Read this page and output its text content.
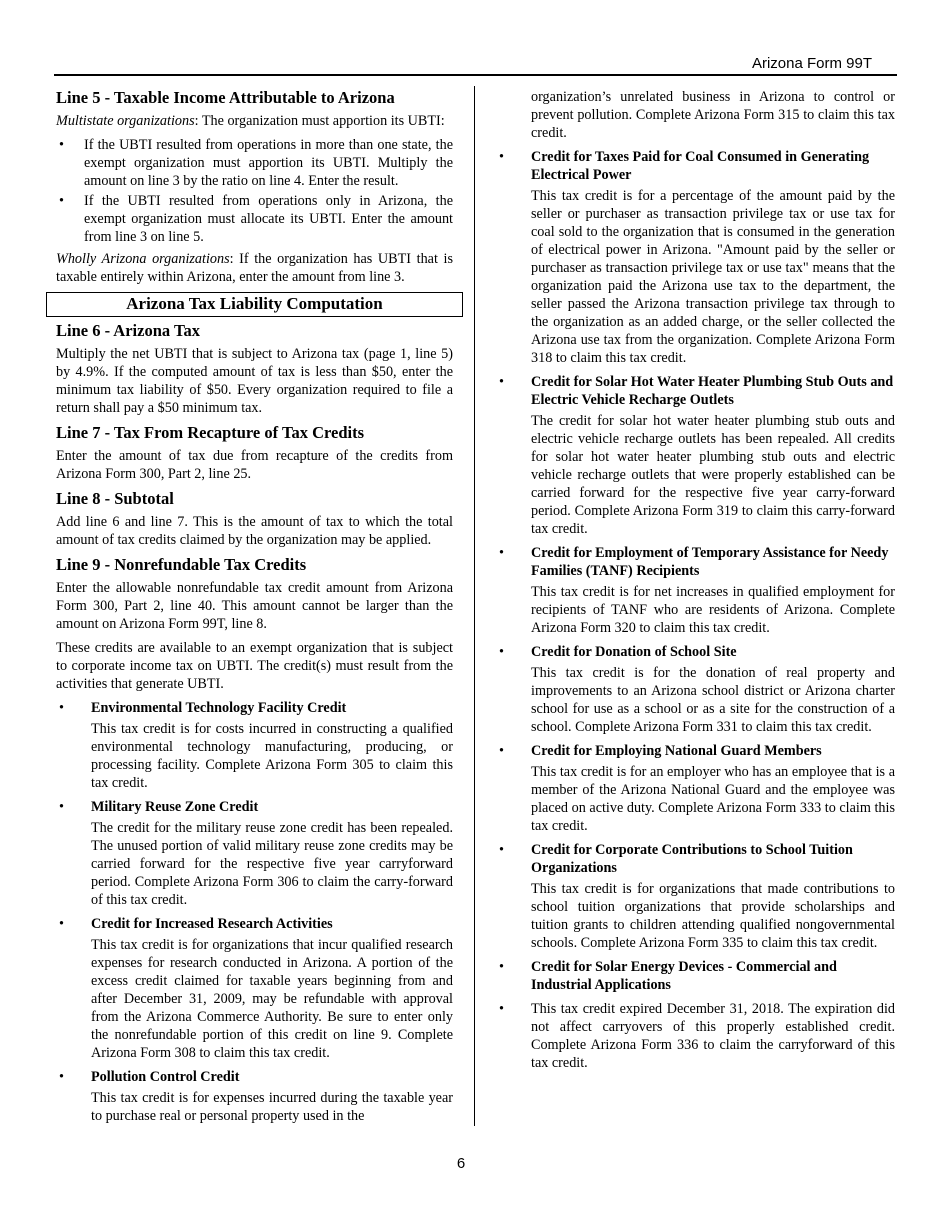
Arizona Form 99T
Line 5 - Taxable Income Attributable to Arizona

Multistate organizations: The organization must apportion its UBTI:

• If the UBTI resulted from operations in more than one state, the exempt organization must apportion its UBTI. Multiply the amount on line 3 by the ratio on line 4. Enter the result.
• If the UBTI resulted from operations only in Arizona, the exempt organization must allocate its UBTI. Enter the amount from line 3 on line 5.

Wholly Arizona organizations: If the organization has UBTI that is taxable entirely within Arizona, enter the amount from line 3.

Arizona Tax Liability Computation
Line 6 - Arizona Tax

Multiply the net UBTI that is subject to Arizona tax (page 1, line 5) by 4.9%. If the computed amount of tax is less than $50, enter the minimum tax liability of $50. Every organization required to file a return shall pay a $50 minimum tax.

Line 7 - Tax From Recapture of Tax Credits

Enter the amount of tax due from recapture of the credits from Arizona Form 300, Part 2, line 25.

Line 8 - Subtotal

Add line 6 and line 7. This is the amount of tax to which the total amount of tax credits claimed by the organization may be applied.

Line 9 - Nonrefundable Tax Credits

Enter the allowable nonrefundable tax credit amount from Arizona Form 300, Part 2, line 40. This amount cannot be larger than the amount on Arizona Form 99T, line 8.

These credits are available to an exempt organization that is subject to corporate income tax on UBTI. The credit(s) must result from the activities that generate UBTI.

• Environmental Technology Facility Credit

This tax credit is for costs incurred in constructing a qualified environmental technology manufacturing, producing, or processing facility. Complete Arizona Form 305 to claim this tax credit.

• Military Reuse Zone Credit

The credit for the military reuse zone credit has been repealed. The unused portion of valid military reuse zone credits may be carried forward for the respective five year carryforward period. Complete Arizona Form 306 to claim the carry-forward of this tax credit.

• Credit for Increased Research Activities

This tax credit is for organizations that incur qualified research expenses for research conducted in Arizona. A portion of the excess credit claimed for taxable years beginning from and after December 31, 2009, may be refundable with approval from the Arizona Commerce Authority. Be sure to enter only the nonrefundable portion of this credit on line 9. Complete Arizona Form 308 to claim this tax credit.

• Pollution Control Credit

This tax credit is for expenses incurred during the taxable year to purchase real or personal property used in the

organization’s unrelated business in Arizona to control or prevent pollution. Complete Arizona Form 315 to claim this tax credit.

• Credit for Taxes Paid for Coal Consumed in Generating Electrical Power

This tax credit is for a percentage of the amount paid by the seller or purchaser as transaction privilege tax or use tax for coal sold to the organization that is consumed in the generation of electrical power in Arizona. "Amount paid by the seller or purchaser as transaction privilege tax or use tax" means that the organization paid the Arizona use tax to the department, the seller passed the Arizona transaction privilege tax through to the organization as an added charge, or the seller collected the Arizona use tax from the organization. Complete Arizona Form 318 to claim this tax credit.

• Credit for Solar Hot Water Heater Plumbing Stub Outs and Electric Vehicle Recharge Outlets

The credit for solar hot water heater plumbing stub outs and electric vehicle recharge outlets has been repealed. All credits for solar hot water heater plumbing stub outs and electric vehicle recharge outlets that were properly established can be carried forward for the respective five year carry-forward period. Complete Arizona Form 319 to claim this carry-forward tax credit.

• Credit for Employment of Temporary Assistance for Needy Families (TANF) Recipients

This tax credit is for net increases in qualified employment for recipients of TANF who are residents of Arizona. Complete Arizona Form 320 to claim this tax credit.

• Credit for Donation of School Site

This tax credit is for the donation of real property and improvements to an Arizona school district or Arizona charter school for use as a school or as a site for the construction of a school. Complete Arizona Form 331 to claim this tax credit.

• Credit for Employing National Guard Members

This tax credit is for an employer who has an employee that is a member of the Arizona National Guard and the employee was placed on active duty. Complete Arizona Form 333 to claim this tax credit.

• Credit for Corporate Contributions to School Tuition Organizations

This tax credit is for organizations that made contributions to school tuition organizations that provide scholarships and tuition grants to children attending qualified nongovernmental schools. Complete Arizona Form 335 to claim this tax credit.

• Credit for Solar Energy Devices - Commercial and Industrial Applications
• This tax credit expired December 31, 2018. The expiration did not affect carryovers of this properly established credit. Complete Arizona Form 336 to claim the carryforward of this tax credit.

6
